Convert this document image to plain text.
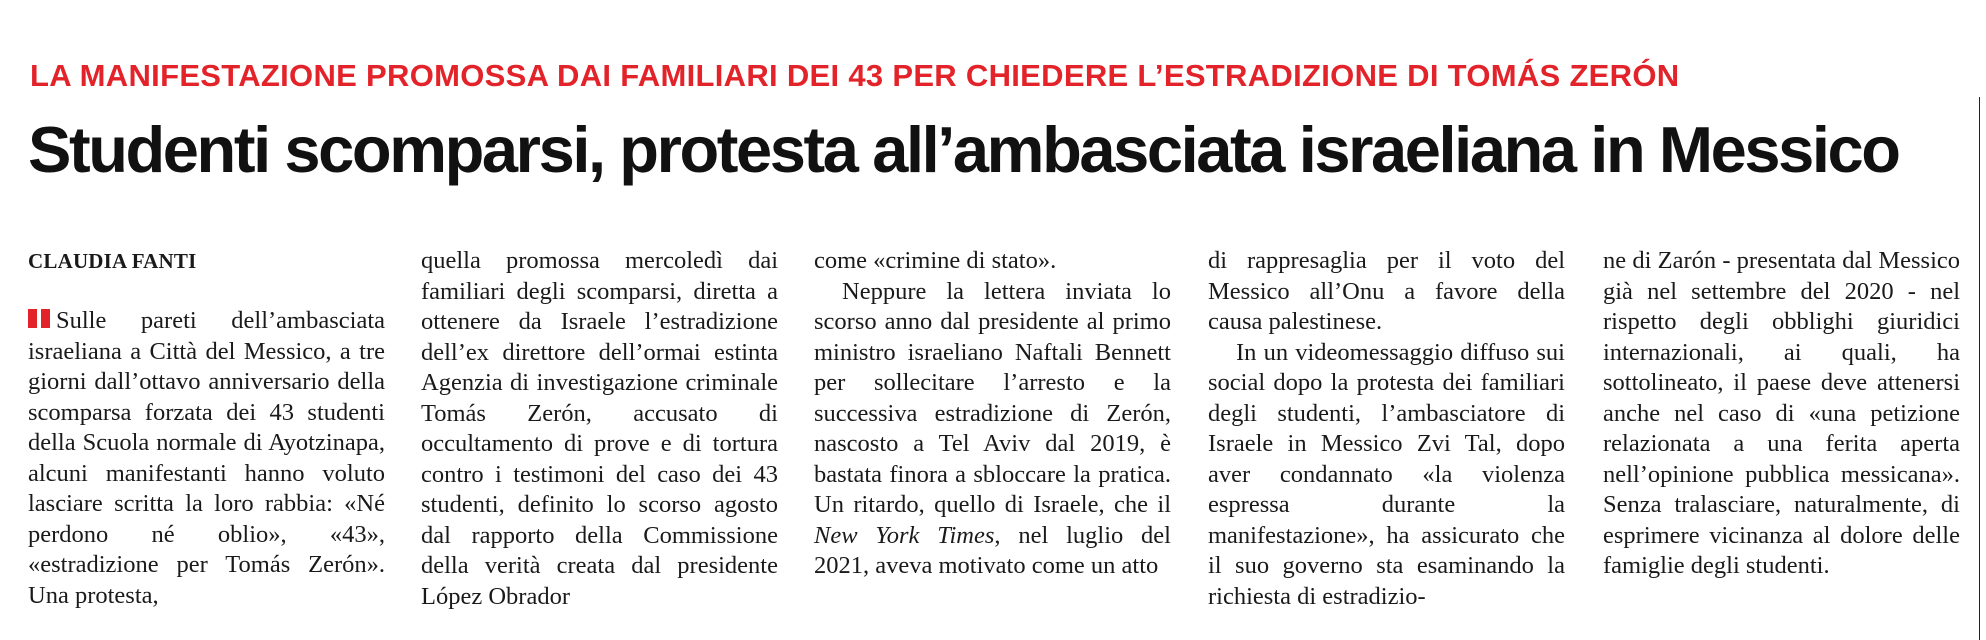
LA MANIFESTAZIONE PROMOSSA DAI FAMILIARI DEI 43 PER CHIEDERE L’ESTRADIZIONE DI TOMÁS ZERÓN
Studenti scomparsi, protesta all’ambasciata israeliana in Messico
CLAUDIA FANTI

Sulle pareti dell’ambasciata israeliana a Città del Messico, a tre giorni dall’ottavo anniversario della scomparsa forzata dei 43 studenti della Scuola normale di Ayotzinapa, alcuni manifestanti hanno voluto lasciare scritta la loro rabbia: «Né perdono né oblio», «43», «estradizione per Tomás Zerón». Una protesta,

quella promossa mercoledì dai familiari degli scomparsi, diretta a ottenere da Israele l’estradizione dell’ex direttore dell’ormai estinta Agenzia di investigazione criminale Tomás Zerón, accusato di occultamento di prove e di tortura contro i testimoni del caso dei 43 studenti, definito lo scorso agosto dal rapporto della Commissione della verità creata dal presidente López Obrador

come «crimine di stato».

Neppure la lettera inviata lo scorso anno dal presidente al primo ministro israeliano Naftali Bennett per sollecitare l’arresto e la successiva estradizione di Zerón, nascosto a Tel Aviv dal 2019, è bastata finora a sbloccare la pratica. Un ritardo, quello di Israele, che il New York Times, nel luglio del 2021, aveva motivato come un atto

di rappresaglia per il voto del Messico all’Onu a favore della causa palestinese.

In un videomessaggio diffuso sui social dopo la protesta dei familiari degli studenti, l’ambasciatore di Israele in Messico Zvi Tal, dopo aver condannato «la violenza espressa durante la manifestazione», ha assicurato che il suo governo sta esaminando la richiesta di estradizio-

ne di Zarón - presentata dal Messico già nel settembre del 2020 - nel rispetto degli obblighi giuridici internazionali, ai quali, ha sottolineato, il paese deve attenersi anche nel caso di «una petizione relazionata a una ferita aperta nell’opinione pubblica messicana». Senza tralasciare, naturalmente, di esprimere vicinanza al dolore delle famiglie degli studenti.
